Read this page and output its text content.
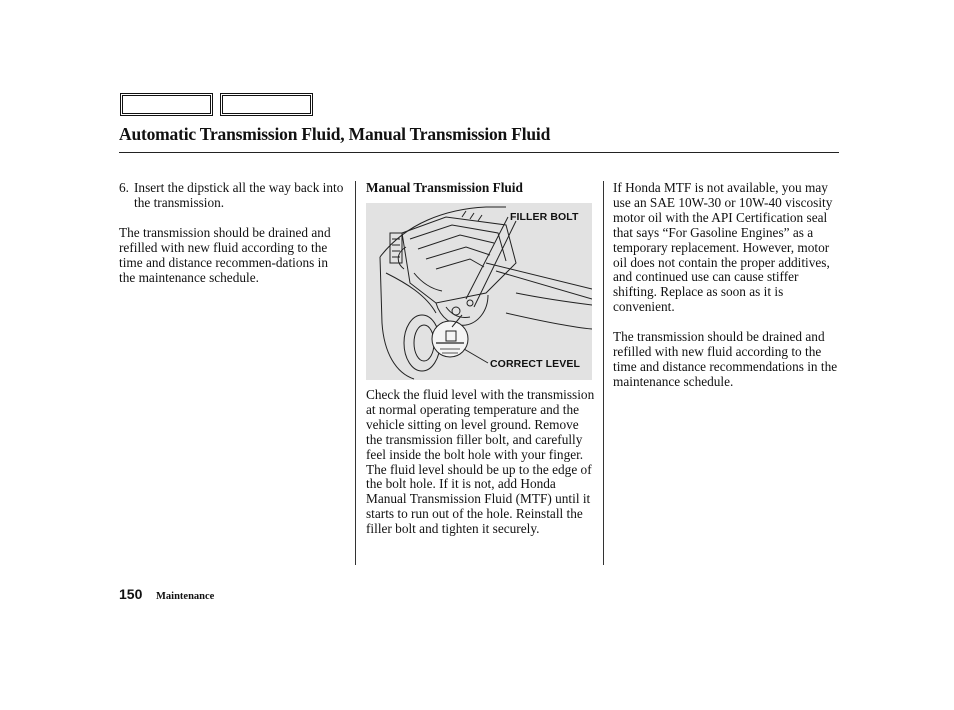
Automatic Transmission Fluid, Manual Transmission Fluid
6. Insert the dipstick all the way back into the transmission.

The transmission should be drained and refilled with new fluid according to the time and distance recommen-dations in the maintenance schedule.

Manual Transmission Fluid

FILLER BOLT
CORRECT LEVEL

Check the fluid level with the transmission at normal operating temperature and the vehicle sitting on level ground. Remove the transmission filler bolt, and carefully feel inside the bolt hole with your finger. The fluid level should be up to the edge of the bolt hole. If it is not, add Honda Manual Transmission Fluid (MTF) until it starts to run out of the hole. Reinstall the filler bolt and tighten it securely.

If Honda MTF is not available, you may use an SAE 10W-30 or 10W-40 viscosity motor oil with the API Certification seal that says “For Gasoline Engines” as a temporary replacement. However, motor oil does not contain the proper additives, and continued use can cause stiffer shifting. Replace as soon as it is convenient.

The transmission should be drained and refilled with new fluid according to the time and distance recommendations in the maintenance schedule.

150 Maintenance
